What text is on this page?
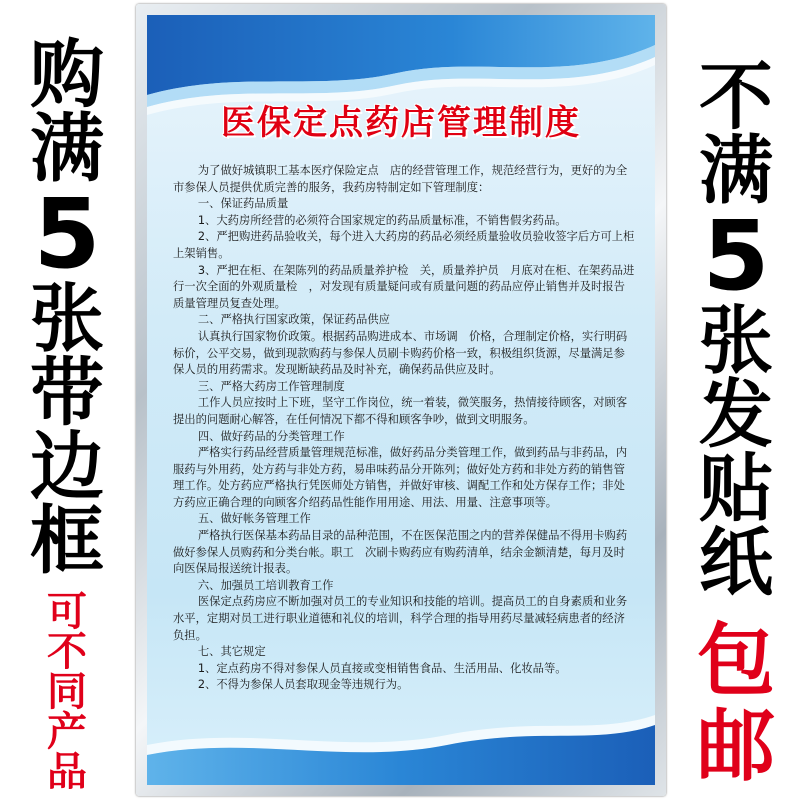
购
满
5
张
带
边
框
可
不
同
产
品
医保定点药店管理制度

为了做好城镇职工基本医疗保险定点　店的经营管理工作，规范经营行为，更好的为全市参保人员提供优质完善的服务，我药房特制定如下管理制度：

一、保证药品质量

1、大药房所经营的必须符合国家规定的药品质量标准，不销售假劣药品。

2、严把购进药品验收关，每个进入大药房的药品必须经质量验收员验收签字后方可上柜上架销售。

3、严把在柜、在架陈列的药品质量养护检　关，质量养护员　月底对在柜、在架药品进行一次全面的外观质量检　，对发现有质量疑问或有质量问题的药品应停止销售并及时报告质量管理员复查处理。

二、严格执行国家政策，保证药品供应

认真执行国家物价政策。根据药品购进成本、市场调　价格，合理制定价格，实行明码标价，公平交易，做到现款购药与参保人员刷卡购药价格一致，积极组织货源，尽量满足参保人员的用药需求。发现断缺药品及时补充，确保药品供应及时。

三、严格大药房工作管理制度

工作人员应按时上下班，坚守工作岗位，统一着装，微笑服务，热情接待顾客，对顾客提出的问题耐心解答，在任何情况下都不得和顾客争吵，做到文明服务。

四、做好药品的分类管理工作

严格实行药品经营质量管理规范标准，做好药品分类管理工作，做到药品与非药品，内服药与外用药，处方药与非处方药，易串味药品分开陈列；做好处方药和非处方药的销售管理工作。处方药应严格执行凭医师处方销售，并做好审核、调配工作和处方保存工作；非处方药应正确合理的向顾客介绍药品性能作用用途、用法、用量、注意事项等。

五、做好帐务管理工作

严格执行医保基本药品目录的品种范围，不在医保范围之内的营养保健品不得用卡购药做好参保人员购药和分类台帐。职工　次刷卡购药应有购药清单，结余金额清楚，每月及时向医保局报送统计报表。

六、加强员工培训教育工作

医保定点药房应不断加强对员工的专业知识和技能的培训。提高员工的自身素质和业务水平，定期对员工进行职业道德和礼仪的培训，科学合理的指导用药尽量减轻病患者的经济负担。

七、其它规定

1、定点药房不得对参保人员直接或变相销售食品、生活用品、化妆品等。

2、不得为参保人员套取现金等违规行为。

不
满
5
张
发
贴
纸
包
邮
